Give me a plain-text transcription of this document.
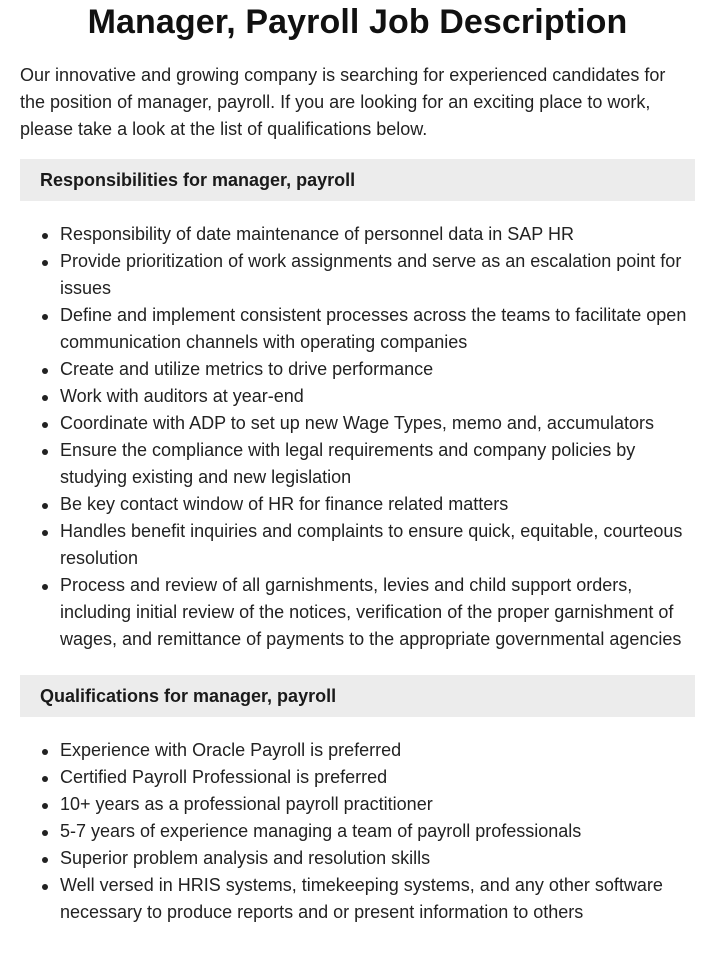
Manager, Payroll Job Description

Our innovative and growing company is searching for experienced candidates for the position of manager, payroll. If you are looking for an exciting place to work, please take a look at the list of qualifications below.

Responsibilities for manager, payroll
Responsibility of date maintenance of personnel data in SAP HR
Provide prioritization of work assignments and serve as an escalation point for issues
Define and implement consistent processes across the teams to facilitate open communication channels with operating companies
Create and utilize metrics to drive performance
Work with auditors at year-end
Coordinate with ADP to set up new Wage Types, memo and, accumulators
Ensure the compliance with legal requirements and company policies by studying existing and new legislation
Be key contact window of HR for finance related matters
Handles benefit inquiries and complaints to ensure quick, equitable, courteous resolution
Process and review of all garnishments, levies and child support orders, including initial review of the notices, verification of the proper garnishment of wages, and remittance of payments to the appropriate governmental agencies
Qualifications for manager, payroll
Experience with Oracle Payroll is preferred
Certified Payroll Professional is preferred
10+ years as a professional payroll practitioner
5-7 years of experience managing a team of payroll professionals
Superior problem analysis and resolution skills
Well versed in HRIS systems, timekeeping systems, and any other software necessary to produce reports and or present information to others
